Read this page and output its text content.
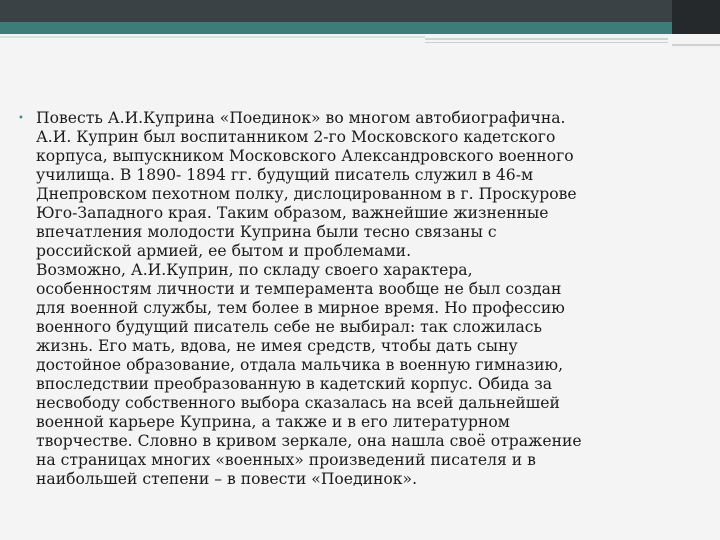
• Повесть А.И.Куприна «Поединок» во многом автобиографична.
А.И. Куприн был воспитанником 2-го Московского кадетского
корпуса, выпускником Московского Александровского военного
училища. В 1890- 1894 гг. будущий писатель служил в 46-м
Днепровском пехотном полку, дислоцированном в г. Проскурове
Юго-Западного края. Таким образом, важнейшие жизненные
впечатления молодости Куприна были тесно связаны с
российской армией, ее бытом и проблемами.
Возможно, А.И.Куприн, по складу своего характера,
особенностям личности и темперамента вообще не был создан
для военной службы, тем более в мирное время. Но профессию
военного будущий писатель себе не выбирал: так сложилась
жизнь. Его мать, вдова, не имея средств, чтобы дать сыну
достойное образование, отдала мальчика в военную гимназию,
впоследствии преобразованную в кадетский корпус. Обида за
несвободу собственного выбора сказалась на всей дальнейшей
военной карьере Куприна, а также и в его литературном
творчестве. Словно в кривом зеркале, она нашла своё отражение
на страницах многих «военных» произведений писателя и в
наибольшей степени – в повести «Поединок».
